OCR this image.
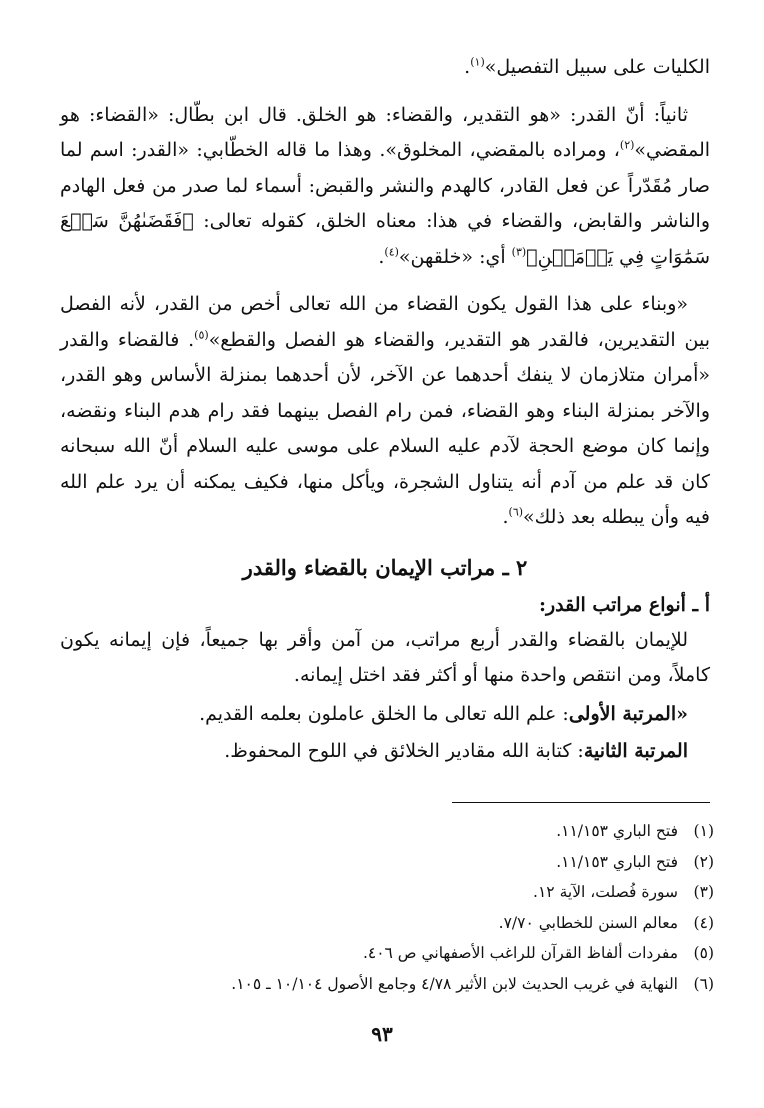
الكليات على سبيل التفصيل»$^{(١)}$.

ثانياً: أنّ القدر: «هو التقدير، والقضاء: هو الخلق. قال ابن بطّال: «القضاء: هو المقضي»$^{(٢)}$، ومراده بالمقضي، المخلوق». وهذا ما قاله الخطّابي: «القدر: اسم لما صار مُقَدّراً عن فعل القادر، كالهدم والنشر والقبض: أسماء لما صدر من فعل الهادم والناشر والقابض، والقضاء في هذا: معناه الخلق، كقوله تعالى: ﴿فَقَضَىٰهُنَّ سَبۡعَ سَمَٰوَاتٍ فِي يَوۡمَيۡنِ﴾$^{(٣)}$ أي: «خلقهن»$^{(٤)}$.

«وبناء على هذا القول يكون القضاء من الله تعالى أخص من القدر، لأنه الفصل بين التقديرين، فالقدر هو التقدير، والقضاء هو الفصل والقطع»$^{(٥)}$. فالقضاء والقدر «أمران متلازمان لا ينفك أحدهما عن الآخر، لأن أحدهما بمنزلة الأساس وهو القدر، والآخر بمنزلة البناء وهو القضاء، فمن رام الفصل بينهما فقد رام هدم البناء ونقضه، وإنما كان موضع الحجة لآدم عليه السلام على موسى عليه السلام أنّ الله سبحانه كان قد علم من آدم أنه يتناول الشجرة، ويأكل منها، فكيف يمكنه أن يرد علم الله فيه وأن يبطله بعد ذلك»$^{(٦)}$.

٢ ـ مراتب الإيمان بالقضاء والقدر
أ ـ أنواع مراتب القدر:

للإيمان بالقضاء والقدر أربع مراتب، من آمن وأقر بها جميعاً، فإن إيمانه يكون كاملاً، ومن انتقص واحدة منها أو أكثر فقد اختل إيمانه.

«المرتبة الأولى: علم الله تعالى ما الخلق عاملون بعلمه القديم.

المرتبة الثانية: كتابة الله مقادير الخلائق في اللوح المحفوظ.

(١)
فتح الباري ١١/١٥٣.
(٢)
فتح الباري ١١/١٥٣.
(٣)
سورة فُصلت، الآية ١٢.
(٤)
معالم السنن للخطابي ٧/٧٠.
(٥)
مفردات ألفاظ القرآن للراغب الأصفهاني ص ٤٠٦.
(٦)
النهاية في غريب الحديث لابن الأثير ٤/٧٨ وجامع الأصول ١٠/١٠٤ ـ ١٠٥.
٩٣
